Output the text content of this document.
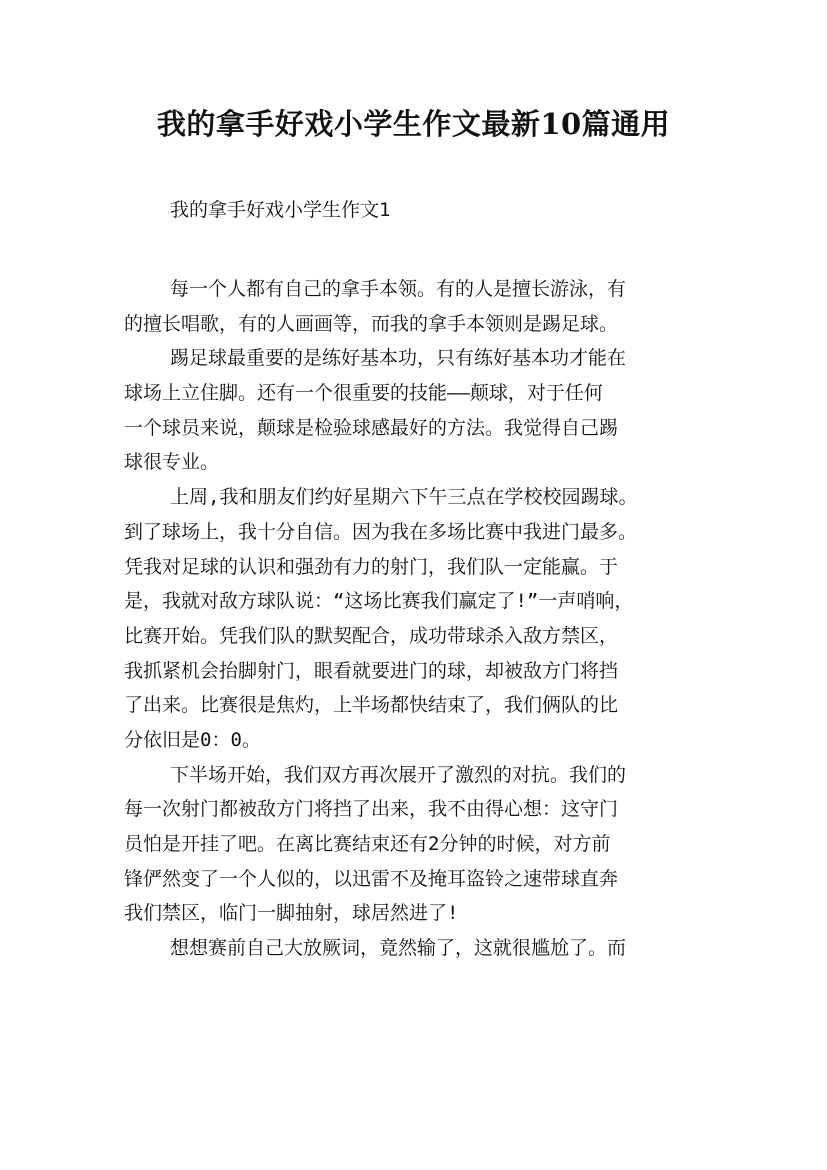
我的拿手好戏小学生作文最新10篇通用
我的拿手好戏小学生作文1
每一个人都有自己的拿手本领。有的人是擅长游泳，有
的擅长唱歌，有的人画画等，而我的拿手本领则是踢足球。
踢足球最重要的是练好基本功，只有练好基本功才能在
球场上立住脚。还有一个很重要的技能——颠球，对于任何
一个球员来说，颠球是检验球感最好的方法。我觉得自己踢
球很专业。
上周,我和朋友们约好星期六下午三点在学校校园踢球。
到了球场上，我十分自信。因为我在多场比赛中我进门最多。
凭我对足球的认识和强劲有力的射门，我们队一定能赢。于
是，我就对敌方球队说：“这场比赛我们赢定了!”一声哨响，
比赛开始。凭我们队的默契配合，成功带球杀入敌方禁区，
我抓紧机会抬脚射门，眼看就要进门的球，却被敌方门将挡
了出来。比赛很是焦灼，上半场都快结束了，我们俩队的比
分依旧是0：0。
下半场开始，我们双方再次展开了激烈的对抗。我们的
每一次射门都被敌方门将挡了出来，我不由得心想：这守门
员怕是开挂了吧。在离比赛结束还有2分钟的时候，对方前
锋俨然变了一个人似的，以迅雷不及掩耳盗铃之速带球直奔
我们禁区，临门一脚抽射，球居然进了!
想想赛前自己大放厥词，竟然输了，这就很尴尬了。而
